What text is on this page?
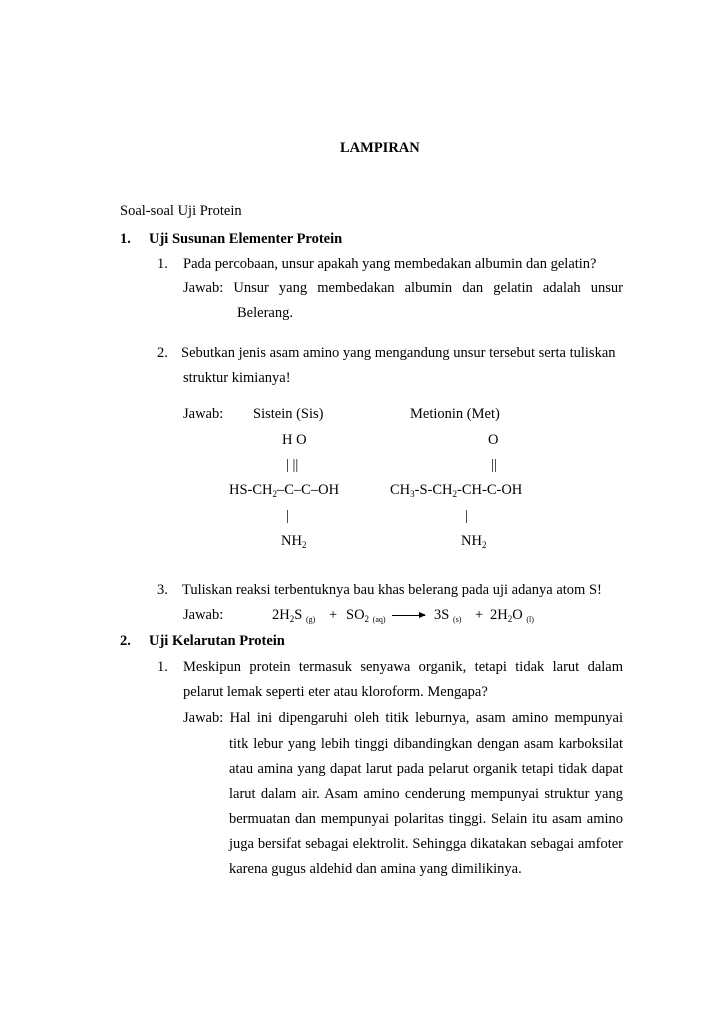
LAMPIRAN
Soal-soal Uji Protein
1. Uji Susunan Elementer Protein
1. Pada percobaan, unsur apakah yang membedakan albumin dan gelatin?
Jawab: Unsur yang membedakan albumin dan gelatin adalah unsur
Belerang.
2. Sebutkan jenis asam amino yang mengandung unsur tersebut serta tuliskan
struktur kimianya!
Jawab: Sistein (Sis)	Metionin (Met)
H O	O
| ||	||
$HS-CH_2-C-C-OH$	$CH_3-S-CH_2-CH-C-OH$
|	|
$NH_2$	$NH_2$
3. Tuliskan reaksi terbentuknya bau khas belerang pada uji adanya atom S!
Jawab:	$2H_2S$ $_{(g)} + SO_2$ $_{(aq)}$ → 3S $_{(s)} + 2H_2O$ $_{(l)}$
2. Uji Kelarutan Protein
1. Meskipun protein termasuk senyawa organik, tetapi tidak larut dalam
pelarut lemak seperti eter atau kloroform. Mengapa?
Jawab: Hal ini dipengaruhi oleh titik leburnya, asam amino mempunyai
titk lebur yang lebih tinggi dibandingkan dengan asam karboksilat
atau amina yang dapat larut pada pelarut organik tetapi tidak dapat
larut dalam air. Asam amino cenderung mempunyai struktur yang
bermuatan dan mempunyai polaritas tinggi. Selain itu asam amino
juga bersifat sebagai elektrolit. Sehingga dikatakan sebagai amfoter
karena gugus aldehid dan amina yang dimilikinya.
